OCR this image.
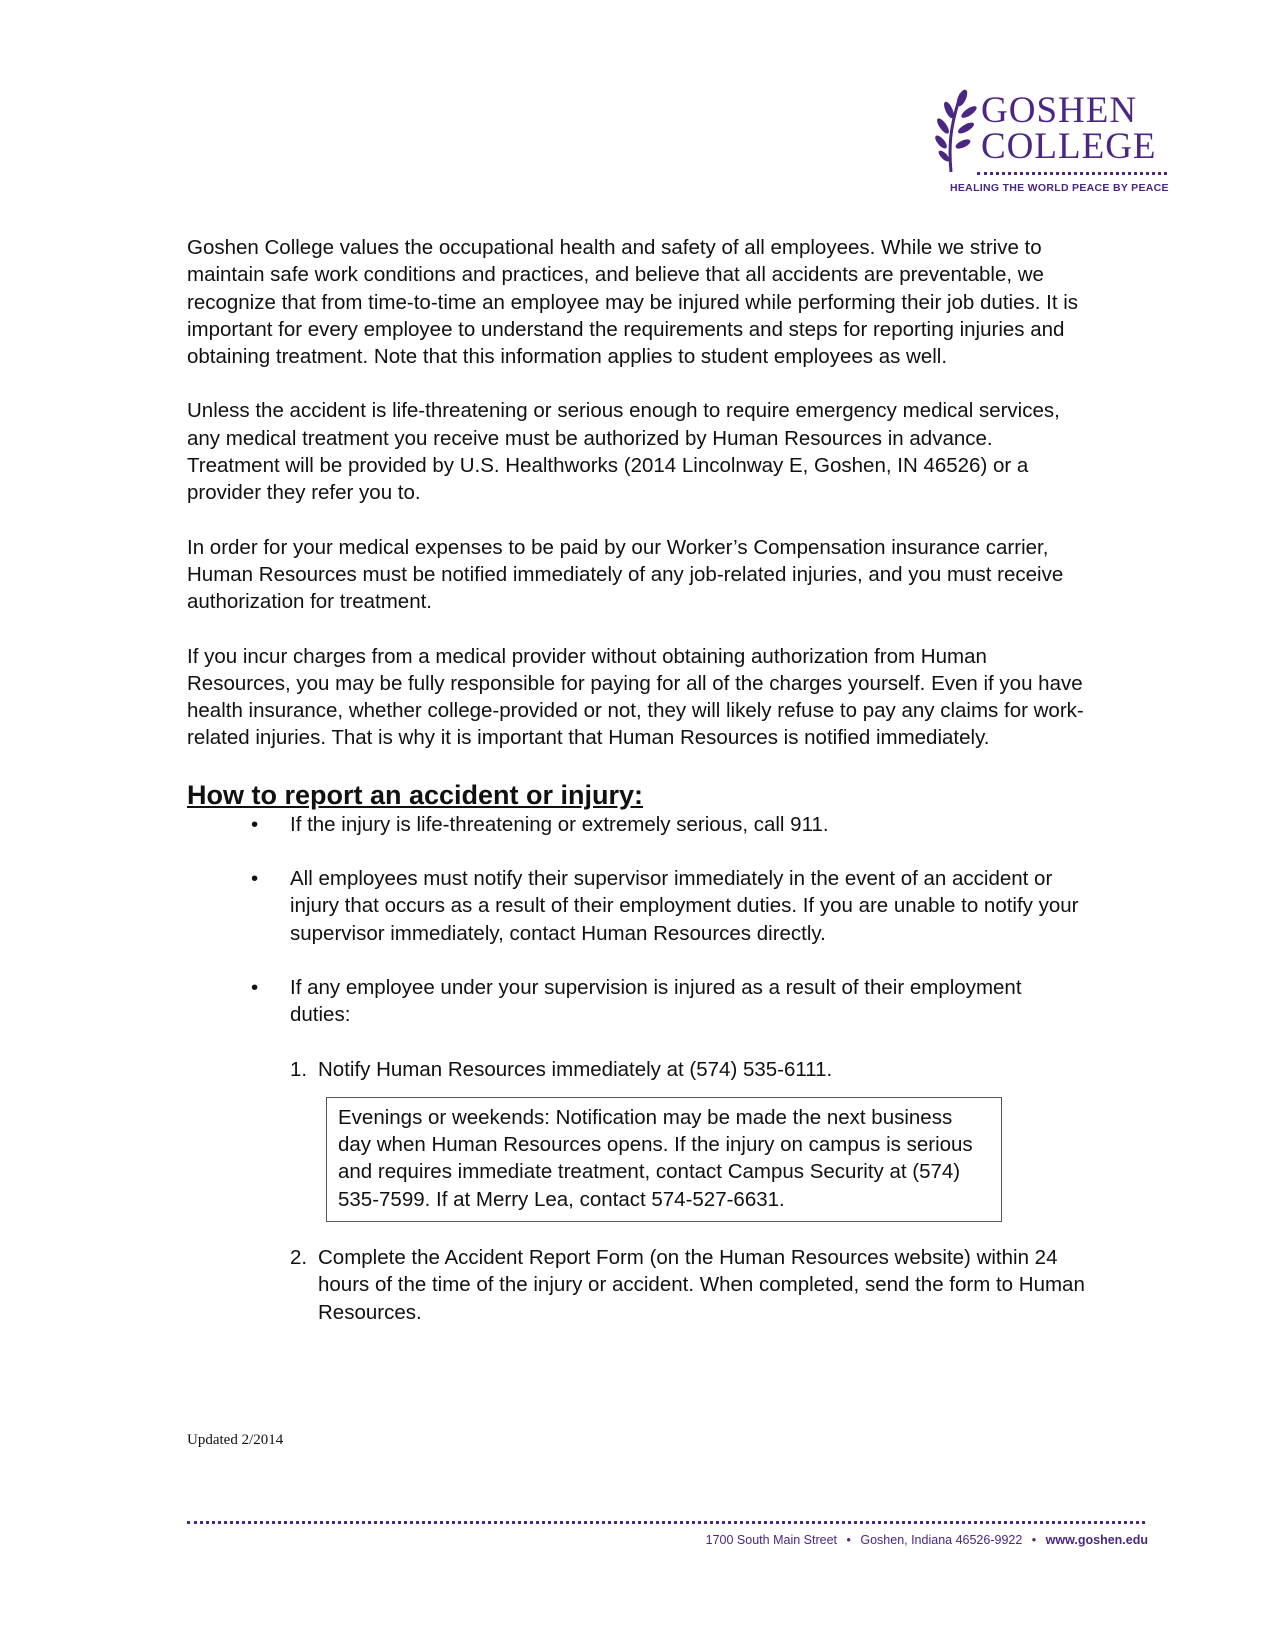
GOSHEN
COLLEGE
HEALING THE WORLD PEACE BY PEACE

Goshen College values the occupational health and safety of all employees. While we strive to maintain safe work conditions and practices, and believe that all accidents are preventable, we recognize that from time-to-time an employee may be injured while performing their job duties. It is important for every employee to understand the requirements and steps for reporting injuries and obtaining treatment. Note that this information applies to student employees as well.

Unless the accident is life-threatening or serious enough to require emergency medical services, any medical treatment you receive must be authorized by Human Resources in advance. Treatment will be provided by U.S. Healthworks (2014 Lincolnway E, Goshen, IN 46526) or a provider they refer you to.

In order for your medical expenses to be paid by our Worker’s Compensation insurance carrier, Human Resources must be notified immediately of any job-related injuries, and you must receive authorization for treatment.

If you incur charges from a medical provider without obtaining authorization from Human Resources, you may be fully responsible for paying for all of the charges yourself. Even if you have health insurance, whether college-provided or not, they will likely refuse to pay any claims for work-related injuries. That is why it is important that Human Resources is notified immediately.

How to report an accident or injury:
• If the injury is life-threatening or extremely serious, call 911.
• All employees must notify their supervisor immediately in the event of an accident or injury that occurs as a result of their employment duties. If you are unable to notify your supervisor immediately, contact Human Resources directly.
• If any employee under your supervision is injured as a result of their employment duties:
1. Notify Human Resources immediately at (574) 535-6111.
Evenings or weekends: Notification may be made the next business day when Human Resources opens. If the injury on campus is serious and requires immediate treatment, contact Campus Security at (574) 535-7599. If at Merry Lea, contact 574-527-6631.
2. Complete the Accident Report Form (on the Human Resources website) within 24 hours of the time of the injury or accident. When completed, send the form to Human Resources.
Updated 2/2014
1700 South Main Street • Goshen, Indiana 46526-9922 • www.goshen.edu
